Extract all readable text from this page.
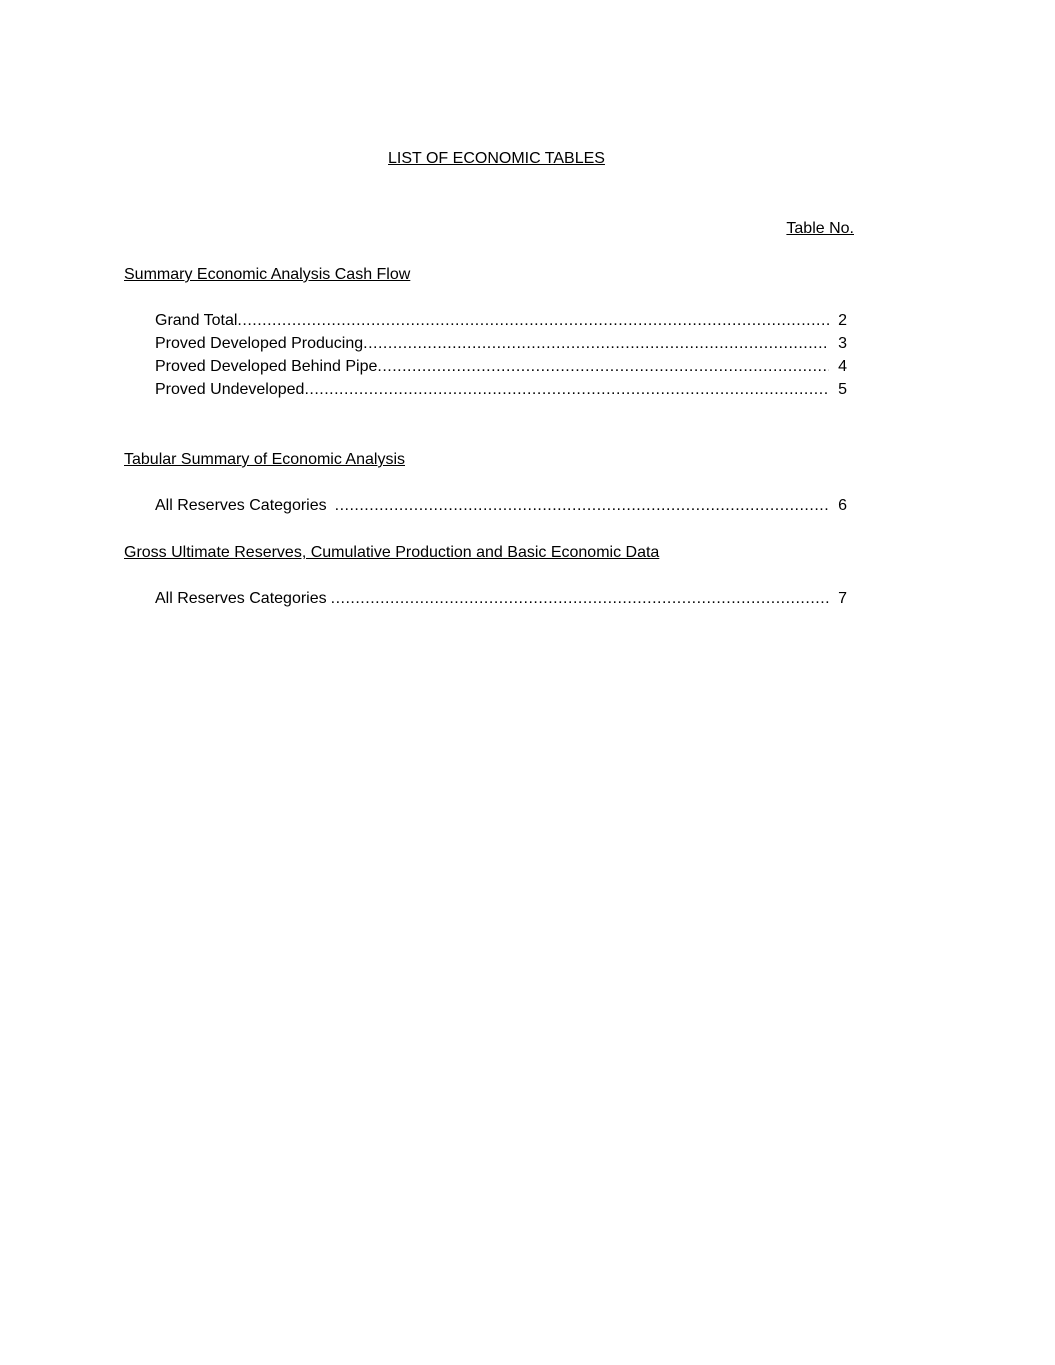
LIST OF ECONOMIC TABLES
Table No.
Summary Economic Analysis Cash Flow
Grand Total .....	2
Proved Developed Producing .....	3
Proved Developed Behind Pipe .....	4
Proved Undeveloped .....	5
Tabular Summary of Economic Analysis
All Reserves Categories .....	6
Gross Ultimate Reserves, Cumulative Production and Basic Economic Data
All Reserves Categories .....	7
